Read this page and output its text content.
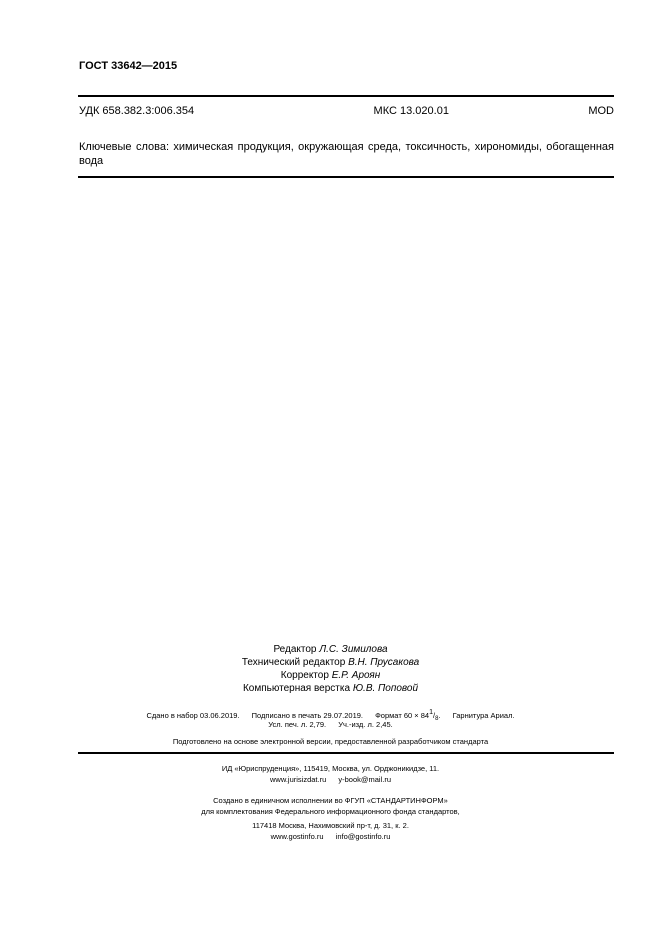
ГОСТ 33642—2015
УДК 658.382.3:006.354	МКС 13.020.01	MOD
Ключевые слова: химическая продукция, окружающая среда, токсичность, хирономиды, обогащенная вода
Редактор Л.С. Зимилова
Технический редактор В.Н. Прусакова
Корректор Е.Р. Ароян
Компьютерная верстка Ю.В. Поповой
Сдано в набор 03.06.2019. Подписано в печать 29.07.2019. Формат $60 \times 84^1/_8$. Гарнитура Ариал.
Усл. печ. л. 2,79. Уч.-изд. л. 2,45.
Подготовлено на основе электронной версии, предоставленной разработчиком стандарта
ИД «Юриспруденция», 115419, Москва, ул. Орджоникидзе, 11.
www.jurisizdat.ru y-book@mail.ru
Создано в единичном исполнении во ФГУП «СТАНДАРТИНФОРМ»
для комплектования Федерального информационного фонда стандартов,
117418 Москва, Нахимовский пр-т, д. 31, к. 2.
www.gostinfo.ru info@gostinfo.ru
